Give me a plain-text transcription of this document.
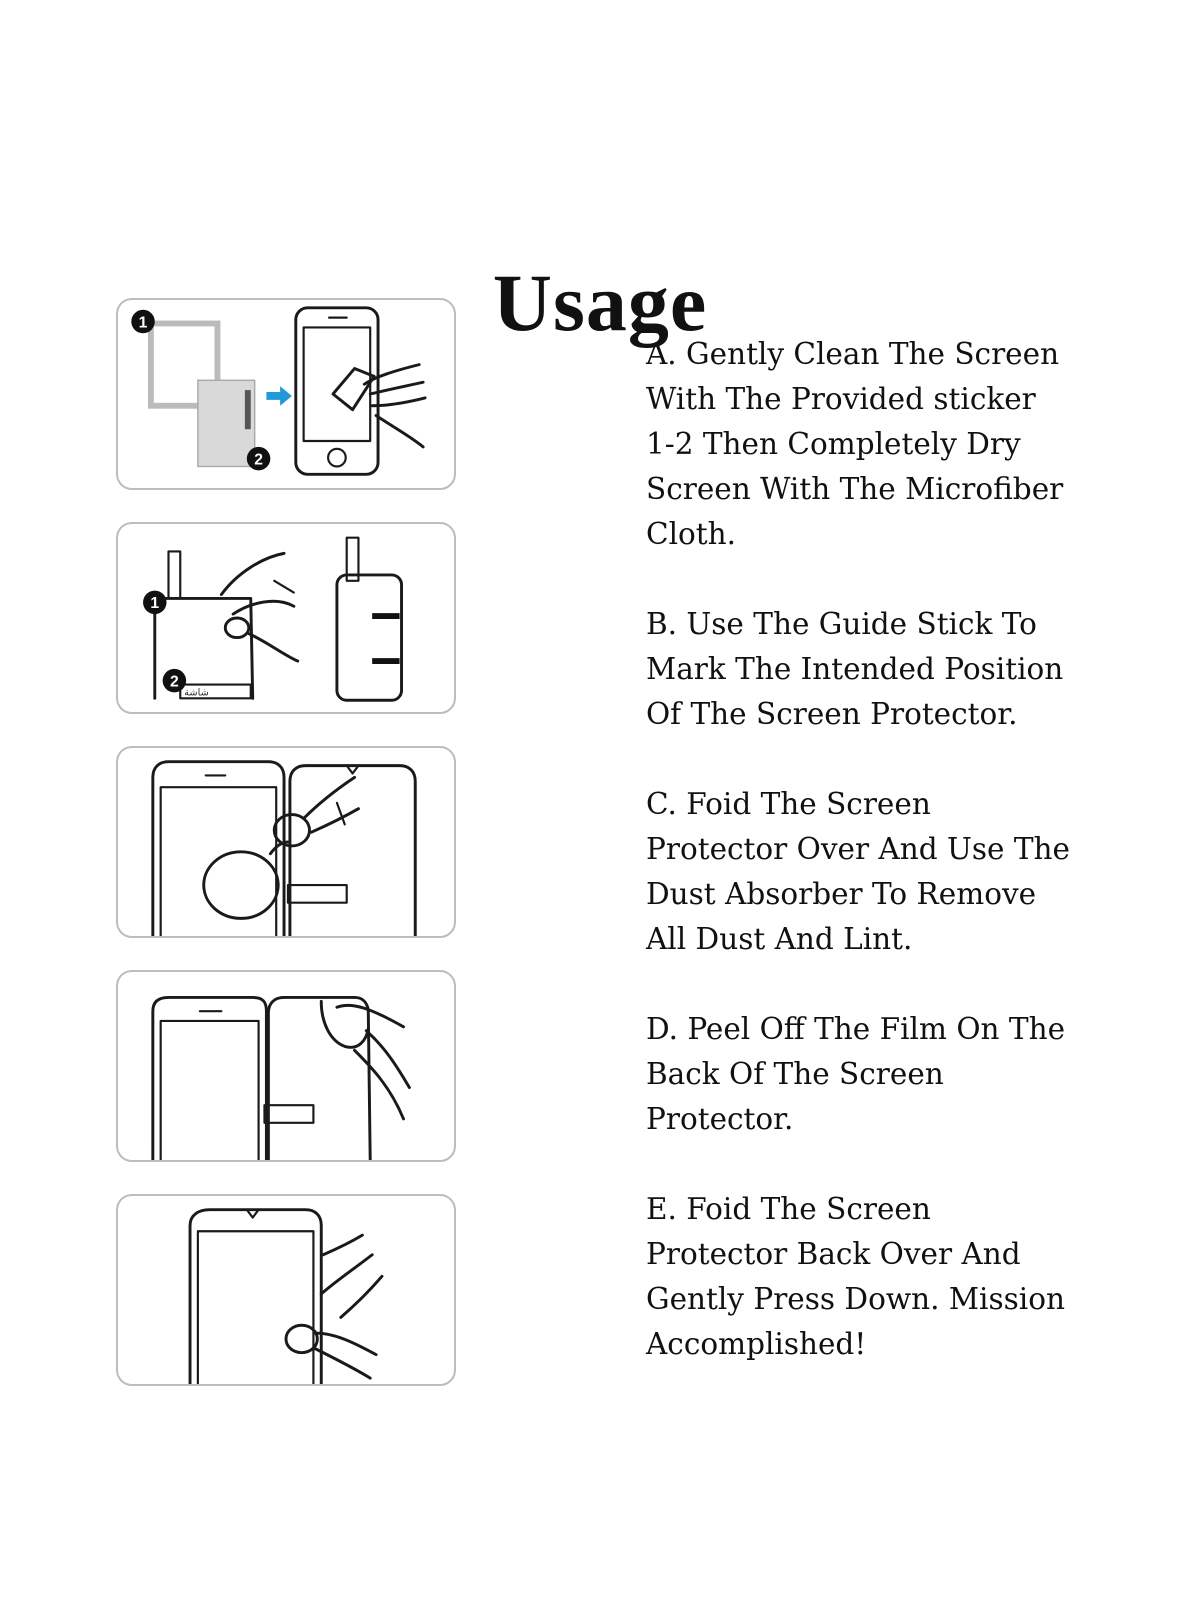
Usage
1
2
ﺷﺎﺷﺔ
1
2

A. Gently Clean The Screen
With The Provided sticker
1-2 Then Completely Dry
Screen With The Microfiber
Cloth.

B. Use The Guide Stick To
Mark The Intended Position
Of The Screen Protector.

C. Foid The Screen
Protector Over And Use The
Dust Absorber To Remove
All Dust And Lint.

D. Peel Off The Film On The
Back Of The Screen
Protector.

E. Foid The Screen
Protector Back Over And
Gently Press Down. Mission
Accomplished!
